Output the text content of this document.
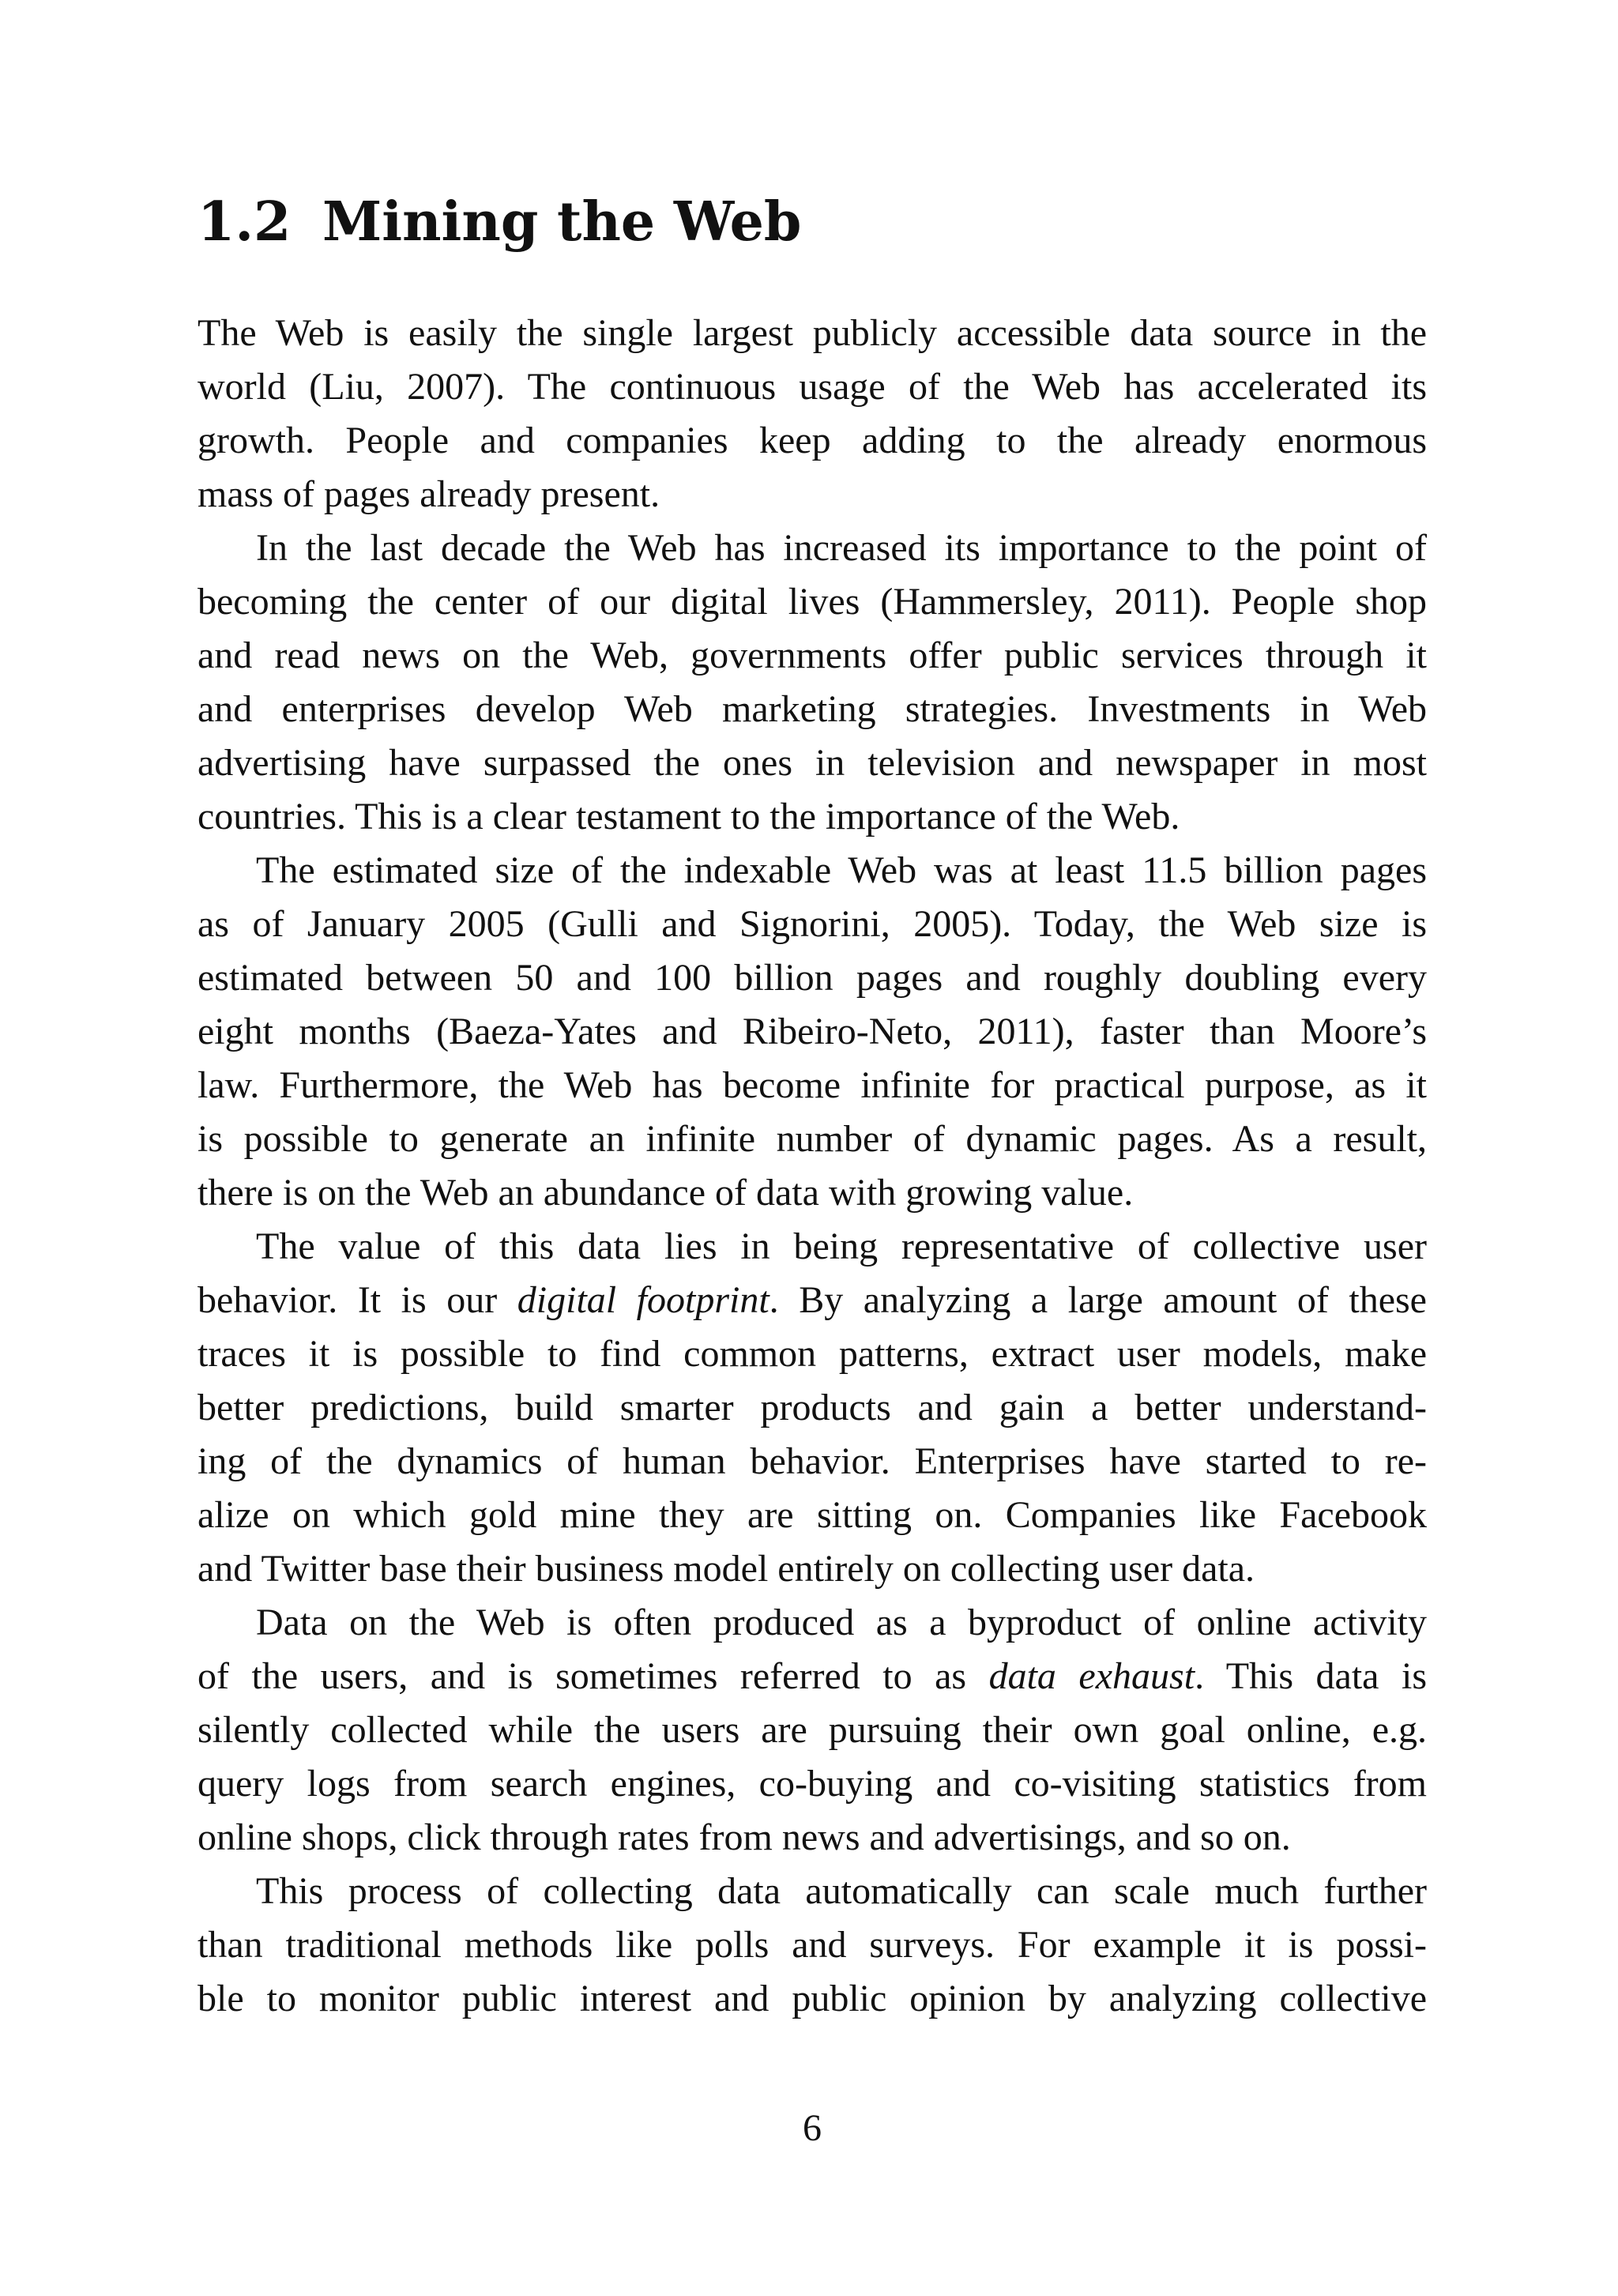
1.2 Mining the Web
The Web is easily the single largest publicly accessible data source in the
world (Liu, 2007). The continuous usage of the Web has accelerated its
growth. People and companies keep adding to the already enormous
mass of pages already present.
In the last decade the Web has increased its importance to the point of
becoming the center of our digital lives (Hammersley, 2011). People shop
and read news on the Web, governments offer public services through it
and enterprises develop Web marketing strategies. Investments in Web
advertising have surpassed the ones in television and newspaper in most
countries. This is a clear testament to the importance of the Web.
The estimated size of the indexable Web was at least 11.5 billion pages
as of January 2005 (Gulli and Signorini, 2005). Today, the Web size is
estimated between 50 and 100 billion pages and roughly doubling every
eight months (Baeza-Yates and Ribeiro-Neto, 2011), faster than Moore’s
law. Furthermore, the Web has become infinite for practical purpose, as it
is possible to generate an infinite number of dynamic pages. As a result,
there is on the Web an abundance of data with growing value.
The value of this data lies in being representative of collective user
behavior. It is our digital footprint. By analyzing a large amount of these
traces it is possible to find common patterns, extract user models, make
better predictions, build smarter products and gain a better understand-
ing of the dynamics of human behavior. Enterprises have started to re-
alize on which gold mine they are sitting on. Companies like Facebook
and Twitter base their business model entirely on collecting user data.
Data on the Web is often produced as a byproduct of online activity
of the users, and is sometimes referred to as data exhaust. This data is
silently collected while the users are pursuing their own goal online, e.g.
query logs from search engines, co-buying and co-visiting statistics from
online shops, click through rates from news and advertisings, and so on.
This process of collecting data automatically can scale much further
than traditional methods like polls and surveys. For example it is possi-
ble to monitor public interest and public opinion by analyzing collective
6
